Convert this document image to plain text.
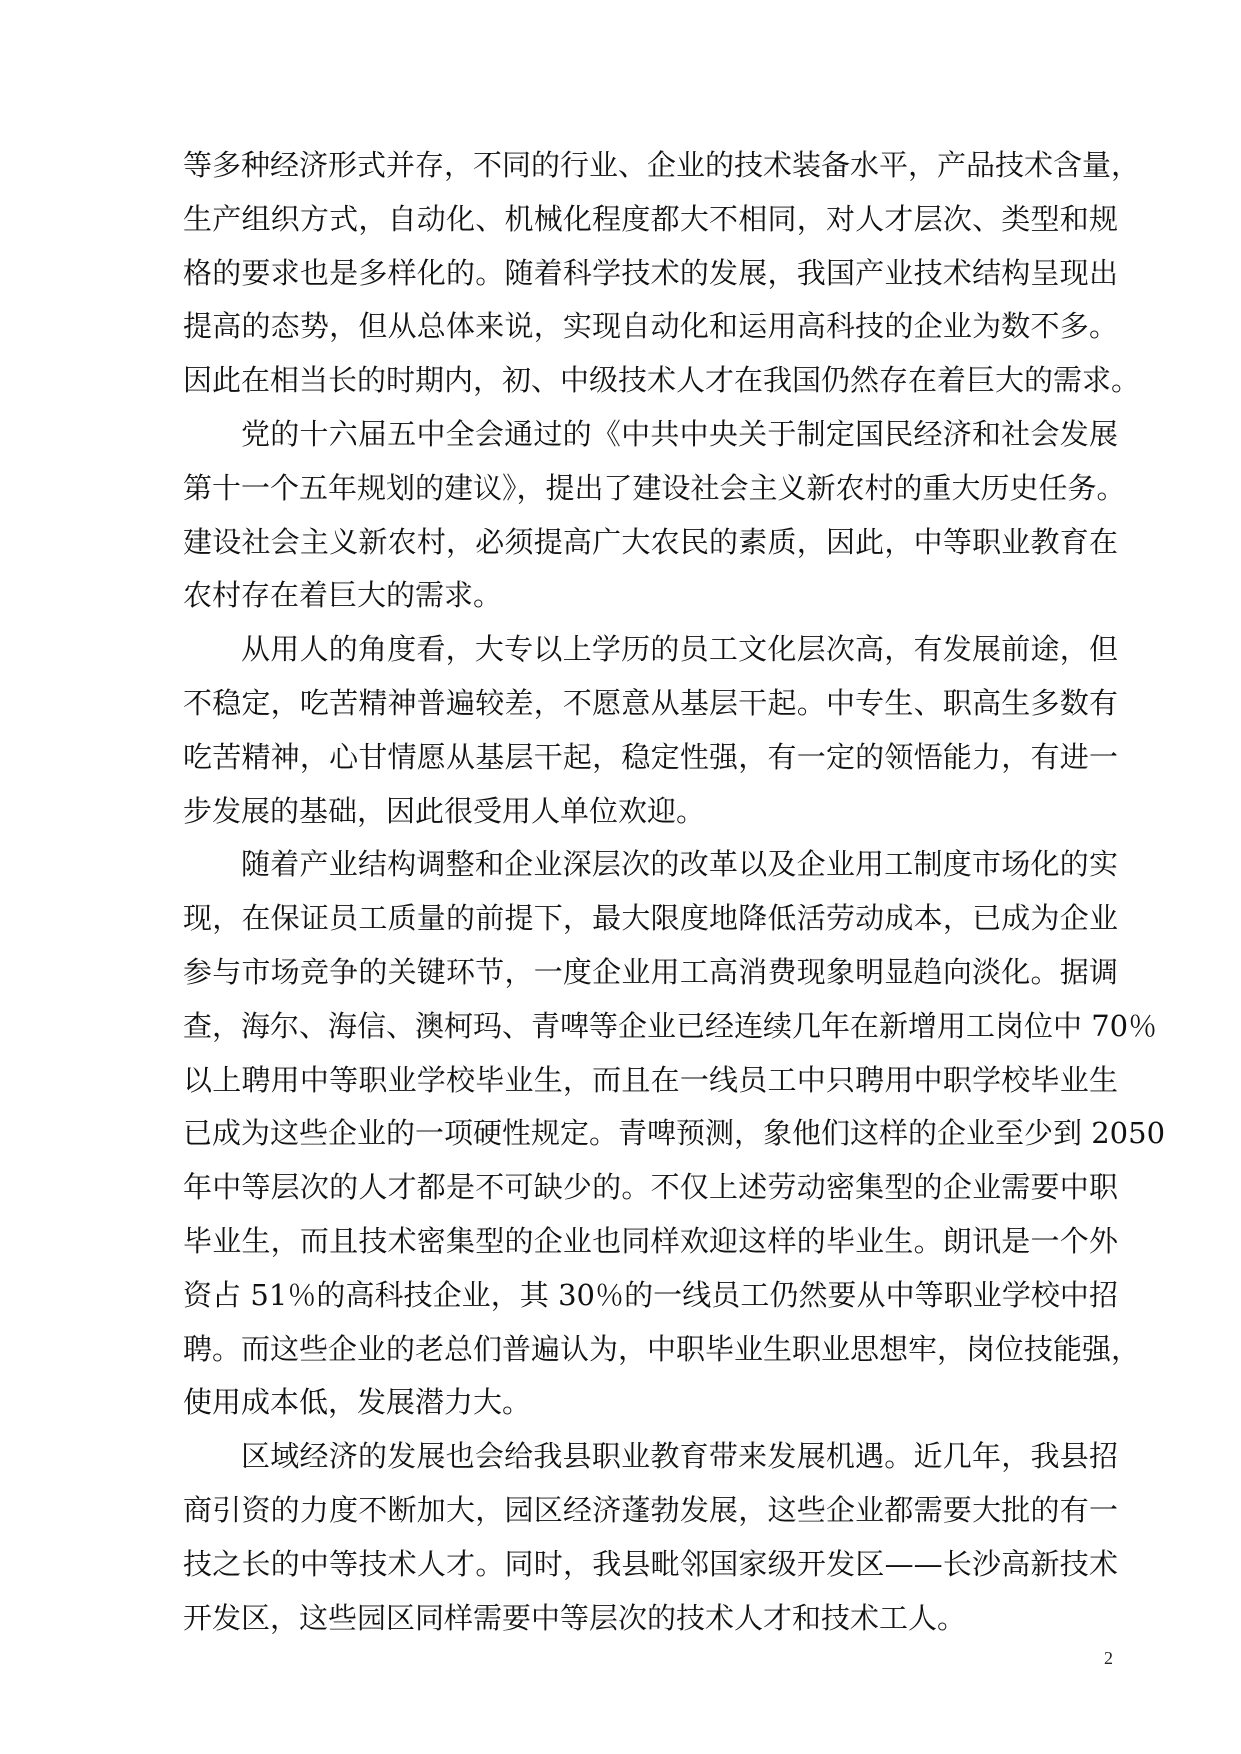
等多种经济形式并存，不同的行业、企业的技术装备水平，产品技术含量，
生产组织方式，自动化、机械化程度都大不相同，对人才层次、类型和规
格的要求也是多样化的。随着科学技术的发展，我国产业技术结构呈现出
提高的态势，但从总体来说，实现自动化和运用高科技的企业为数不多。
因此在相当长的时期内，初、中级技术人才在我国仍然存在着巨大的需求。
党的十六届五中全会通过的《中共中央关于制定国民经济和社会发展
第十一个五年规划的建议》，提出了建设社会主义新农村的重大历史任务。
建设社会主义新农村，必须提高广大农民的素质，因此，中等职业教育在
农村存在着巨大的需求。
从用人的角度看，大专以上学历的员工文化层次高，有发展前途，但
不稳定，吃苦精神普遍较差，不愿意从基层干起。中专生、职高生多数有
吃苦精神，心甘情愿从基层干起，稳定性强，有一定的领悟能力，有进一
步发展的基础，因此很受用人单位欢迎。
随着产业结构调整和企业深层次的改革以及企业用工制度市场化的实
现，在保证员工质量的前提下，最大限度地降低活劳动成本，已成为企业
参与市场竞争的关键环节，一度企业用工高消费现象明显趋向淡化。据调
查，海尔、海信、澳柯玛、青啤等企业已经连续几年在新增用工岗位中 70％
以上聘用中等职业学校毕业生，而且在一线员工中只聘用中职学校毕业生
已成为这些企业的一项硬性规定。青啤预测，象他们这样的企业至少到 2050
年中等层次的人才都是不可缺少的。不仅上述劳动密集型的企业需要中职
毕业生，而且技术密集型的企业也同样欢迎这样的毕业生。朗讯是一个外
资占 51％的高科技企业，其 30％的一线员工仍然要从中等职业学校中招
聘。而这些企业的老总们普遍认为，中职毕业生职业思想牢，岗位技能强，
使用成本低，发展潜力大。
区域经济的发展也会给我县职业教育带来发展机遇。近几年，我县招
商引资的力度不断加大，园区经济蓬勃发展，这些企业都需要大批的有一
技之长的中等技术人才。同时，我县毗邻国家级开发区——长沙高新技术
开发区，这些园区同样需要中等层次的技术人才和技术工人。
2
